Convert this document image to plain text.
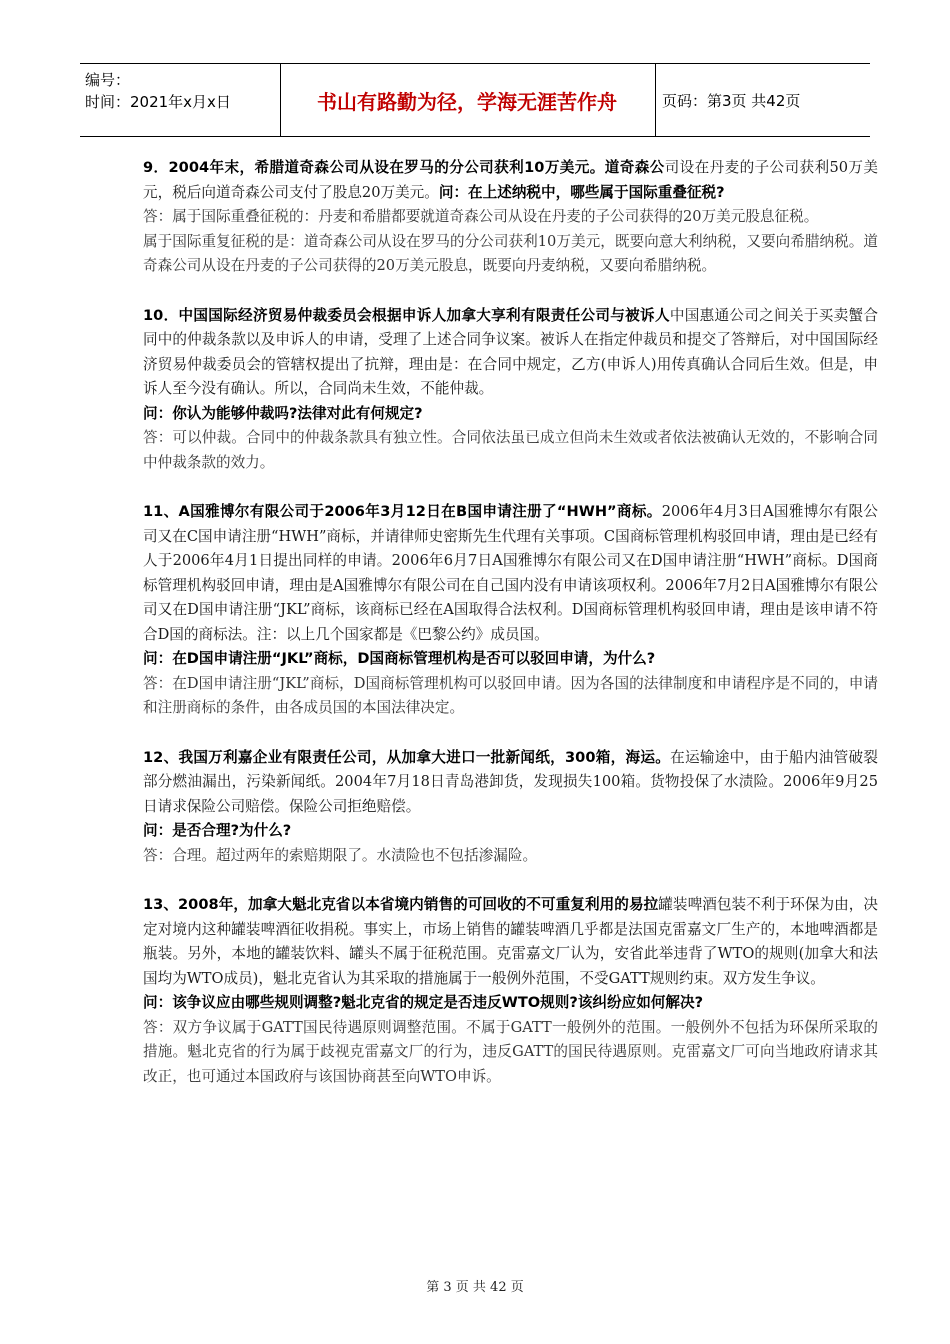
编号：
时间：2021年x月x日	书山有路勤为径，学海无涯苦作舟	页码：第3页 共42页

9．2004年末，希腊道奇森公司从设在罗马的分公司获利10万美元。道奇森公司设在丹麦的子公司获利50万美元，税后向道奇森公司支付了股息20万美元。问：在上述纳税中，哪些属于国际重叠征税?

答：属于国际重叠征税的：丹麦和希腊都要就道奇森公司从设在丹麦的子公司获得的20万美元股息征税。

属于国际重复征税的是：道奇森公司从设在罗马的分公司获利10万美元，既要向意大利纳税，又要向希腊纳税。道奇森公司从设在丹麦的子公司获得的20万美元股息，既要向丹麦纳税，又要向希腊纳税。

10．中国国际经济贸易仲裁委员会根据申诉人加拿大享利有限责任公司与被诉人中国惠通公司之间关于买卖蟹合同中的仲裁条款以及申诉人的申请，受理了上述合同争议案。被诉人在指定仲裁员和提交了答辩后，对中国国际经济贸易仲裁委员会的管辖权提出了抗辩，理由是：在合同中规定，乙方(申诉人)用传真确认合同后生效。但是，申诉人至今没有确认。所以，合同尚未生效，不能仲裁。

问：你认为能够仲裁吗?法律对此有何规定?

答：可以仲裁。合同中的仲裁条款具有独立性。合同依法虽已成立但尚未生效或者依法被确认无效的，不影响合同中仲裁条款的效力。

11、A国雅博尔有限公司于2006年3月12日在B国申请注册了“HWH”商标。2006年4月3日A国雅博尔有限公司又在C国申请注册“HWH”商标，并请律师史密斯先生代理有关事项。C国商标管理机构驳回申请，理由是已经有人于2006年4月1日提出同样的申请。2006年6月7日A国雅博尔有限公司又在D国申请注册“HWH”商标。D国商标管理机构驳回申请，理由是A国雅博尔有限公司在自己国内没有申请该项权利。2006年7月2日A国雅博尔有限公司又在D国申请注册“JKL”商标，该商标已经在A国取得合法权利。D国商标管理机构驳回申请，理由是该申请不符合D国的商标法。注：以上几个国家都是《巴黎公约》成员国。

问：在D国申请注册“JKL”商标，D国商标管理机构是否可以驳回申请，为什么?

答：在D国申请注册“JKL”商标，D国商标管理机构可以驳回申请。因为各国的法律制度和申请程序是不同的，申请和注册商标的条件，由各成员国的本国法律决定。

12、我国万利嘉企业有限责任公司，从加拿大进口一批新闻纸，300箱，海运。在运输途中，由于船内油管破裂部分燃油漏出，污染新闻纸。2004年7月18日青岛港卸货，发现损失100箱。货物投保了水渍险。2006年9月25日请求保险公司赔偿。保险公司拒绝赔偿。

问：是否合理?为什么?

答：合理。超过两年的索赔期限了。水渍险也不包括渗漏险。

13、2008年，加拿大魁北克省以本省境内销售的可回收的不可重复利用的易拉罐装啤酒包装不利于环保为由，决定对境内这种罐装啤酒征收捐税。事实上，市场上销售的罐装啤酒几乎都是法国克雷嘉文厂生产的，本地啤酒都是瓶装。另外，本地的罐装饮料、罐头不属于征税范围。克雷嘉文厂认为，安省此举违背了WTO的规则(加拿大和法国均为WTO成员)，魁北克省认为其采取的措施属于一般例外范围，不受GATT规则约束。双方发生争议。

问：该争议应由哪些规则调整?魁北克省的规定是否违反WTO规则?该纠纷应如何解决?

答：双方争议属于GATT国民待遇原则调整范围。不属于GATT一般例外的范围。一般例外不包括为环保所采取的措施。魁北克省的行为属于歧视克雷嘉文厂的行为，违反GATT的国民待遇原则。克雷嘉文厂可向当地政府请求其改正，也可通过本国政府与该国协商甚至向WTO申诉。

第 3 页 共 42 页
